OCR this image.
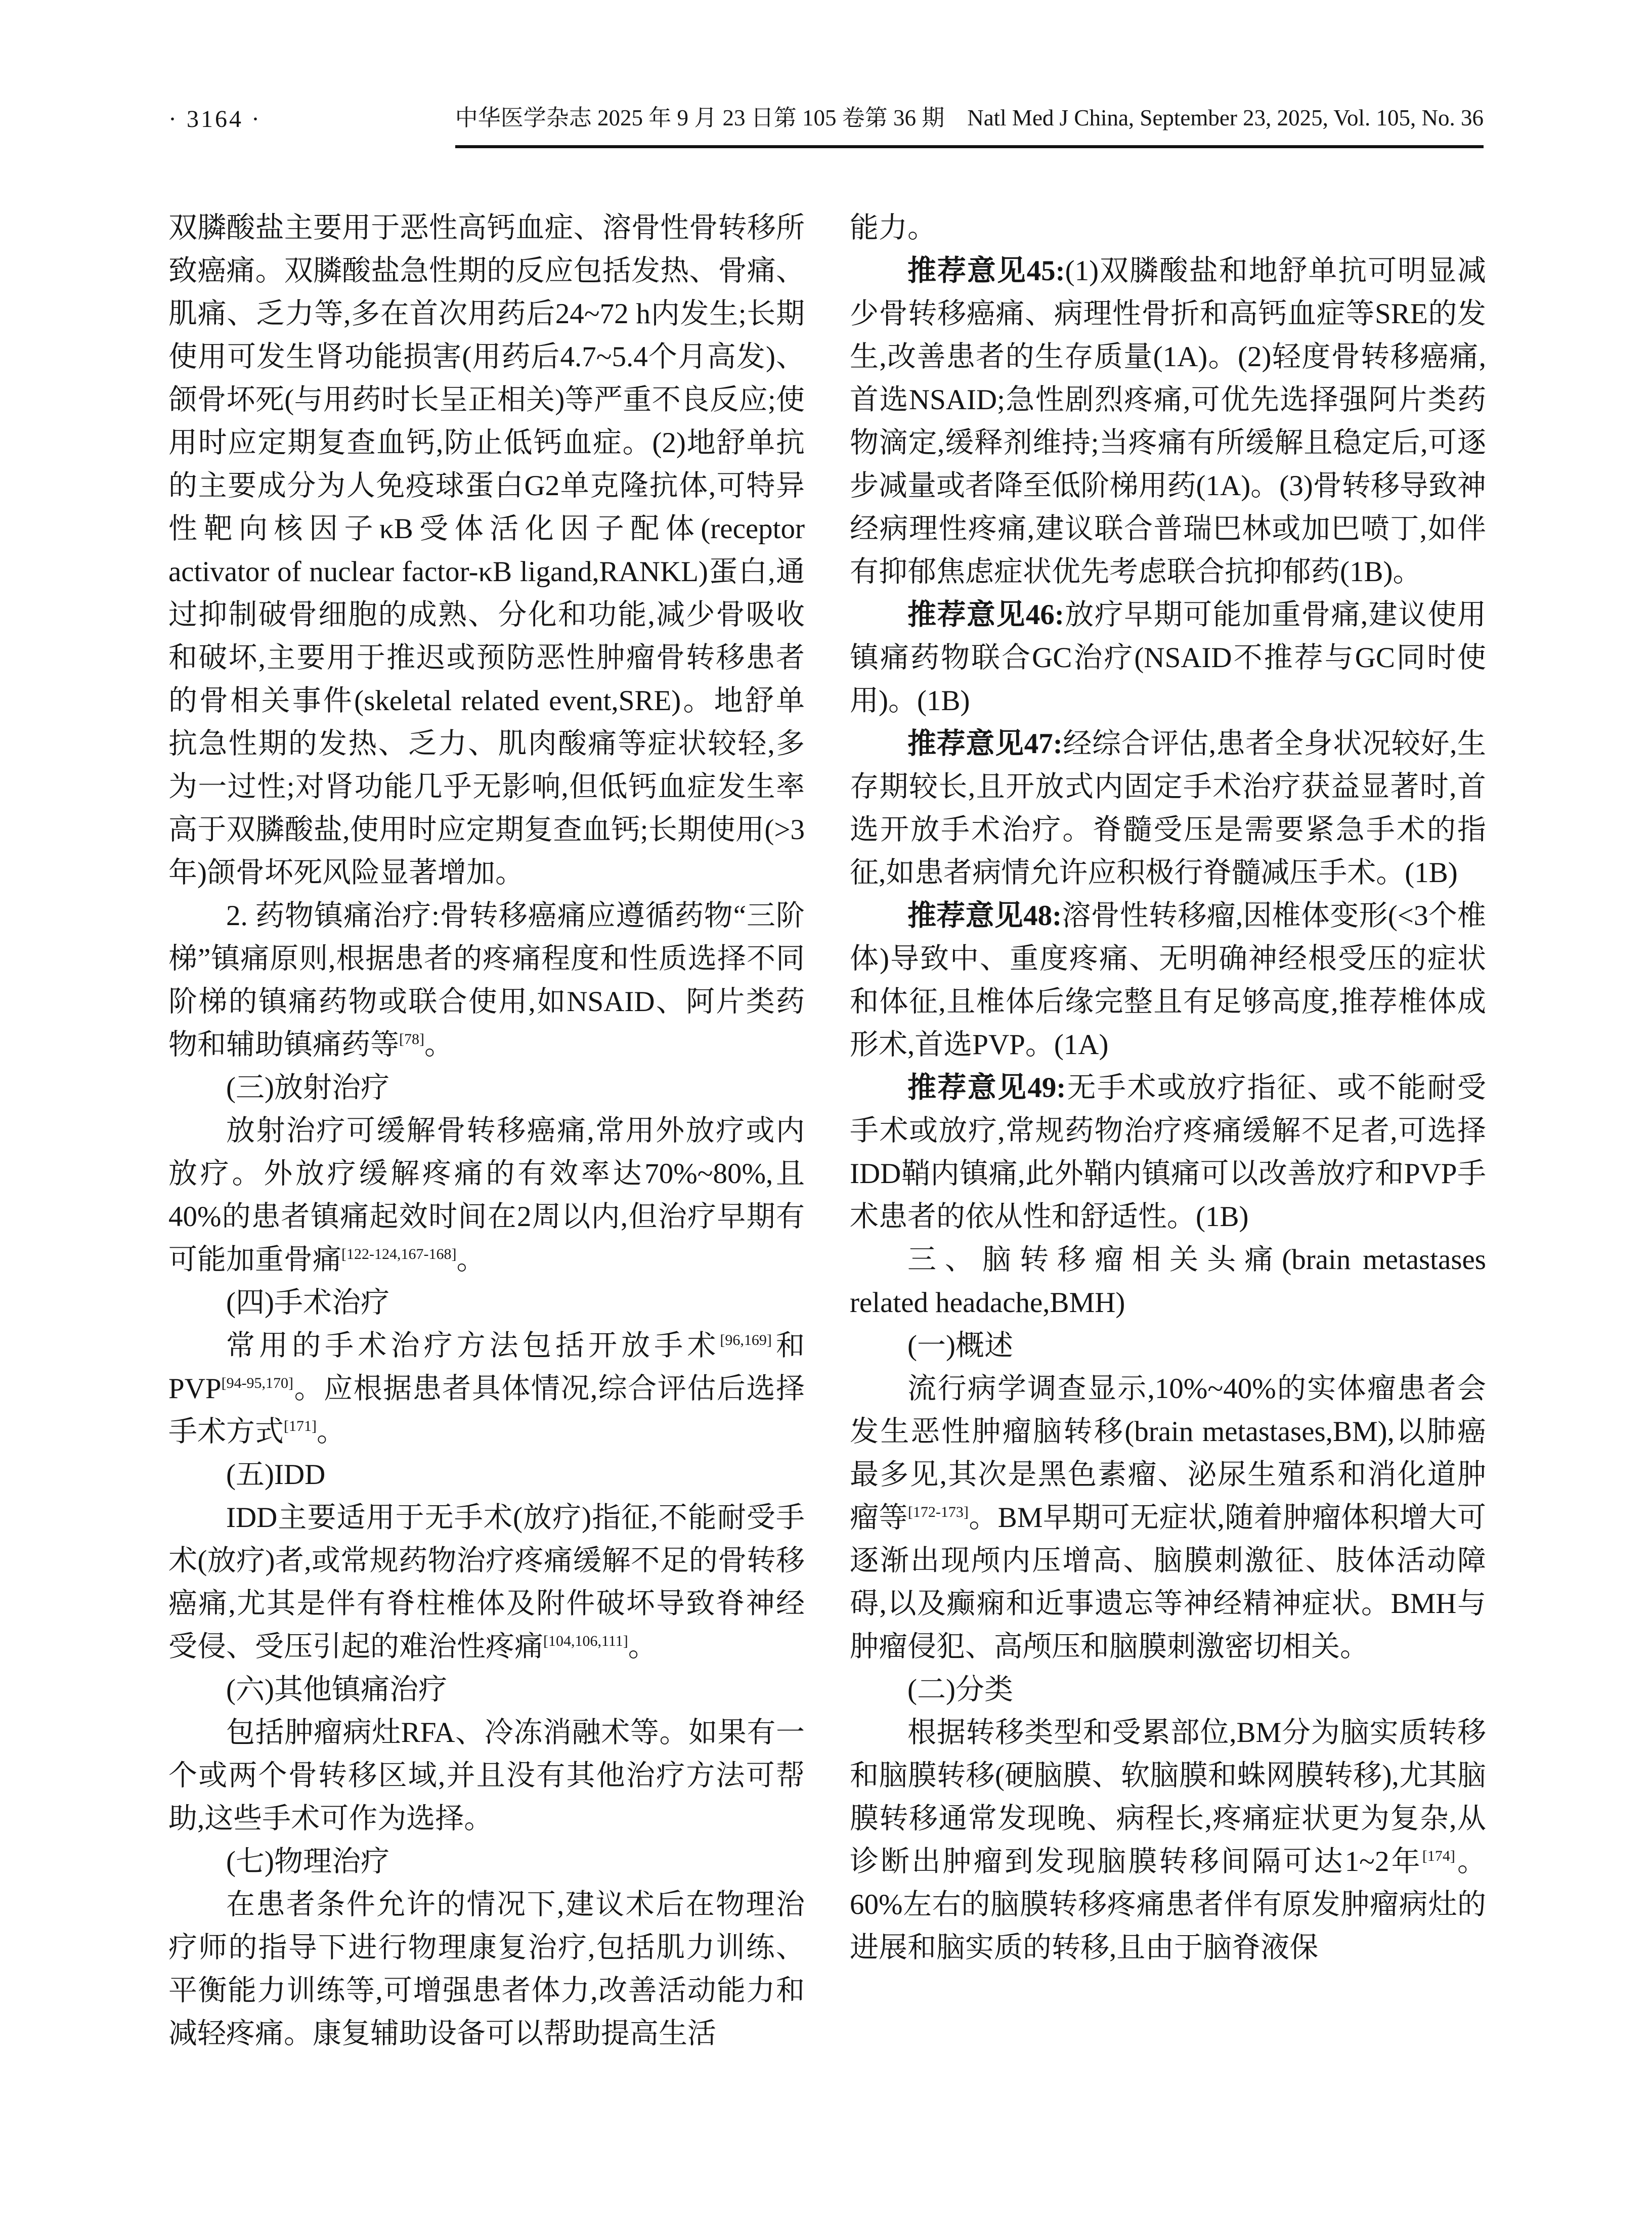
· 3164 ·	中华医学杂志 2025 年 9 月 23 日第 105 卷第 36 期　Natl Med J China, September 23, 2025, Vol. 105, No. 36

双膦酸盐主要用于恶性高钙血症、溶骨性骨转移所致癌痛。双膦酸盐急性期的反应包括发热、骨痛、肌痛、乏力等,多在首次用药后24~72 h内发生;长期使用可发生肾功能损害(用药后4.7~5.4个月高发)、颌骨坏死(与用药时长呈正相关)等严重不良反应;使用时应定期复查血钙,防止低钙血症。(2)地舒单抗的主要成分为人免疫球蛋白G2单克隆抗体,可特异性靶向核因子κB受体活化因子配体(receptor activator of nuclear factor-κB ligand,RANKL)蛋白,通过抑制破骨细胞的成熟、分化和功能,减少骨吸收和破坏,主要用于推迟或预防恶性肿瘤骨转移患者的骨相关事件(skeletal related event,SRE)。地舒单抗急性期的发热、乏力、肌肉酸痛等症状较轻,多为一过性;对肾功能几乎无影响,但低钙血症发生率高于双膦酸盐,使用时应定期复查血钙;长期使用(>3年)颌骨坏死风险显著增加。

2. 药物镇痛治疗:骨转移癌痛应遵循药物“三阶梯”镇痛原则,根据患者的疼痛程度和性质选择不同阶梯的镇痛药物或联合使用,如NSAID、阿片类药物和辅助镇痛药等[78]。

(三)放射治疗

放射治疗可缓解骨转移癌痛,常用外放疗或内放疗。外放疗缓解疼痛的有效率达70%~80%,且40%的患者镇痛起效时间在2周以内,但治疗早期有可能加重骨痛[122-124,167-168]。

(四)手术治疗

常用的手术治疗方法包括开放手术[96,169]和PVP[94-95,170]。应根据患者具体情况,综合评估后选择手术方式[171]。

(五)IDD

IDD主要适用于无手术(放疗)指征,不能耐受手术(放疗)者,或常规药物治疗疼痛缓解不足的骨转移癌痛,尤其是伴有脊柱椎体及附件破坏导致脊神经受侵、受压引起的难治性疼痛[104,106,111]。

(六)其他镇痛治疗

包括肿瘤病灶RFA、冷冻消融术等。如果有一个或两个骨转移区域,并且没有其他治疗方法可帮助,这些手术可作为选择。

(七)物理治疗

在患者条件允许的情况下,建议术后在物理治疗师的指导下进行物理康复治疗,包括肌力训练、平衡能力训练等,可增强患者体力,改善活动能力和减轻疼痛。康复辅助设备可以帮助提高生活

能力。

推荐意见45:(1)双膦酸盐和地舒单抗可明显减少骨转移癌痛、病理性骨折和高钙血症等SRE的发生,改善患者的生存质量(1A)。(2)轻度骨转移癌痛,首选NSAID;急性剧烈疼痛,可优先选择强阿片类药物滴定,缓释剂维持;当疼痛有所缓解且稳定后,可逐步减量或者降至低阶梯用药(1A)。(3)骨转移导致神经病理性疼痛,建议联合普瑞巴林或加巴喷丁,如伴有抑郁焦虑症状优先考虑联合抗抑郁药(1B)。

推荐意见46:放疗早期可能加重骨痛,建议使用镇痛药物联合GC治疗(NSAID不推荐与GC同时使用)。(1B)

推荐意见47:经综合评估,患者全身状况较好,生存期较长,且开放式内固定手术治疗获益显著时,首选开放手术治疗。脊髓受压是需要紧急手术的指征,如患者病情允许应积极行脊髓减压手术。(1B)

推荐意见48:溶骨性转移瘤,因椎体变形(<3个椎体)导致中、重度疼痛、无明确神经根受压的症状和体征,且椎体后缘完整且有足够高度,推荐椎体成形术,首选PVP。(1A)

推荐意见49:无手术或放疗指征、或不能耐受手术或放疗,常规药物治疗疼痛缓解不足者,可选择IDD鞘内镇痛,此外鞘内镇痛可以改善放疗和PVP手术患者的依从性和舒适性。(1B)

三、脑转移瘤相关头痛(brain metastases related headache,BMH)

(一)概述

流行病学调查显示,10%~40%的实体瘤患者会发生恶性肿瘤脑转移(brain metastases,BM),以肺癌最多见,其次是黑色素瘤、泌尿生殖系和消化道肿瘤等[172-173]。BM早期可无症状,随着肿瘤体积增大可逐渐出现颅内压增高、脑膜刺激征、肢体活动障碍,以及癫痫和近事遗忘等神经精神症状。BMH与肿瘤侵犯、高颅压和脑膜刺激密切相关。

(二)分类

根据转移类型和受累部位,BM分为脑实质转移和脑膜转移(硬脑膜、软脑膜和蛛网膜转移),尤其脑膜转移通常发现晚、病程长,疼痛症状更为复杂,从诊断出肿瘤到发现脑膜转移间隔可达1~2年[174]。60%左右的脑膜转移疼痛患者伴有原发肿瘤病灶的进展和脑实质的转移,且由于脑脊液保
